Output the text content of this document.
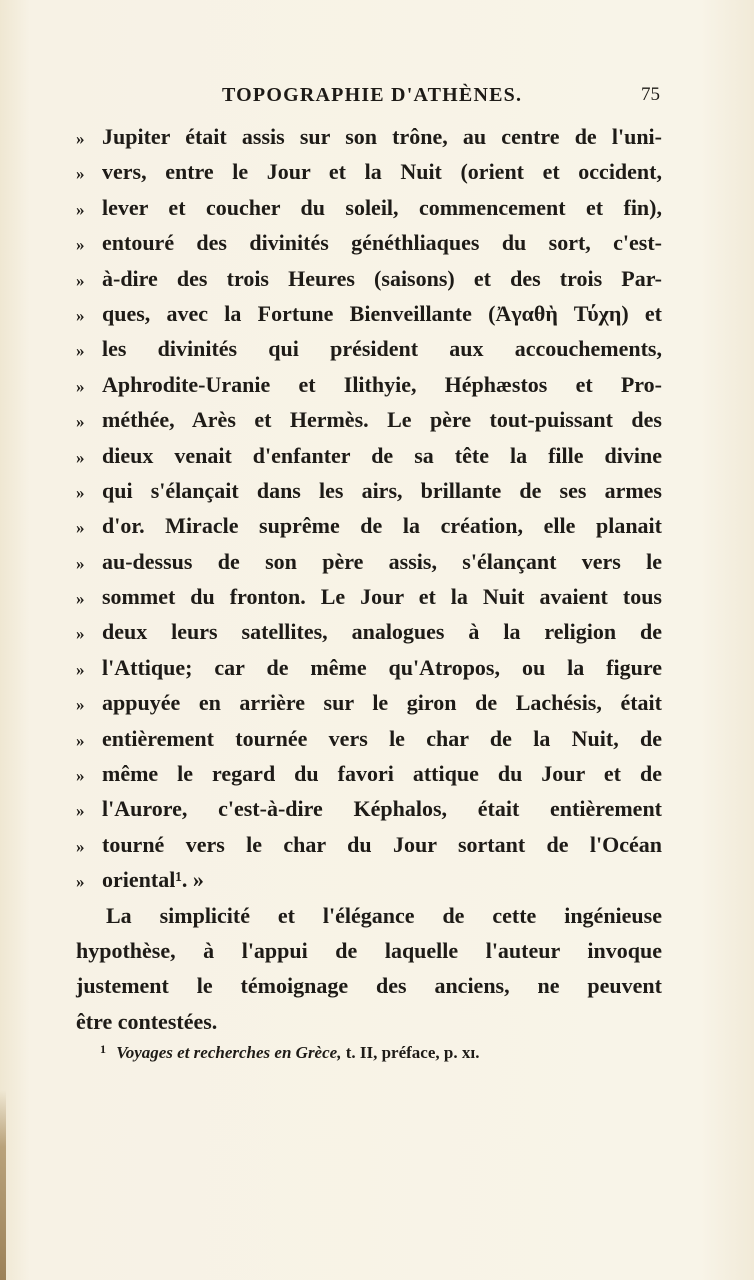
TOPOGRAPHIE D'ATHÈNES.	75
» Jupiter était assis sur son trône, au centre de l'uni-
» vers, entre le Jour et la Nuit (orient et occident,
» lever et coucher du soleil, commencement et fin),
» entouré des divinités généthliaques du sort, c'est-
» à-dire des trois Heures (saisons) et des trois Par-
» ques, avec la Fortune Bienveillante (Ἀγαθὴ Τύχη) et
» les divinités qui président aux accouchements,
» Aphrodite-Uranie et Ilithyie, Héphæstos et Pro-
» méthée, Arès et Hermès. Le père tout-puissant des
» dieux venait d'enfanter de sa tête la fille divine
» qui s'élançait dans les airs, brillante de ses armes
» d'or. Miracle suprême de la création, elle planait
» au-dessus de son père assis, s'élançant vers le
» sommet du fronton. Le Jour et la Nuit avaient tous
» deux leurs satellites, analogues à la religion de
» l'Attique; car de même qu'Atropos, ou la figure
» appuyée en arrière sur le giron de Lachésis, était
» entièrement tournée vers le char de la Nuit, de
» même le regard du favori attique du Jour et de
» l'Aurore, c'est-à-dire Képhalos, était entièrement
» tourné vers le char du Jour sortant de l'Océan
» oriental¹. »
La simplicité et l'élégance de cette ingénieuse
hypothèse, à l'appui de laquelle l'auteur invoque
justement le témoignage des anciens, ne peuvent
être contestées.
$^1$ Voyages et recherches en Grèce, t. II, préface, p. xɪ.
